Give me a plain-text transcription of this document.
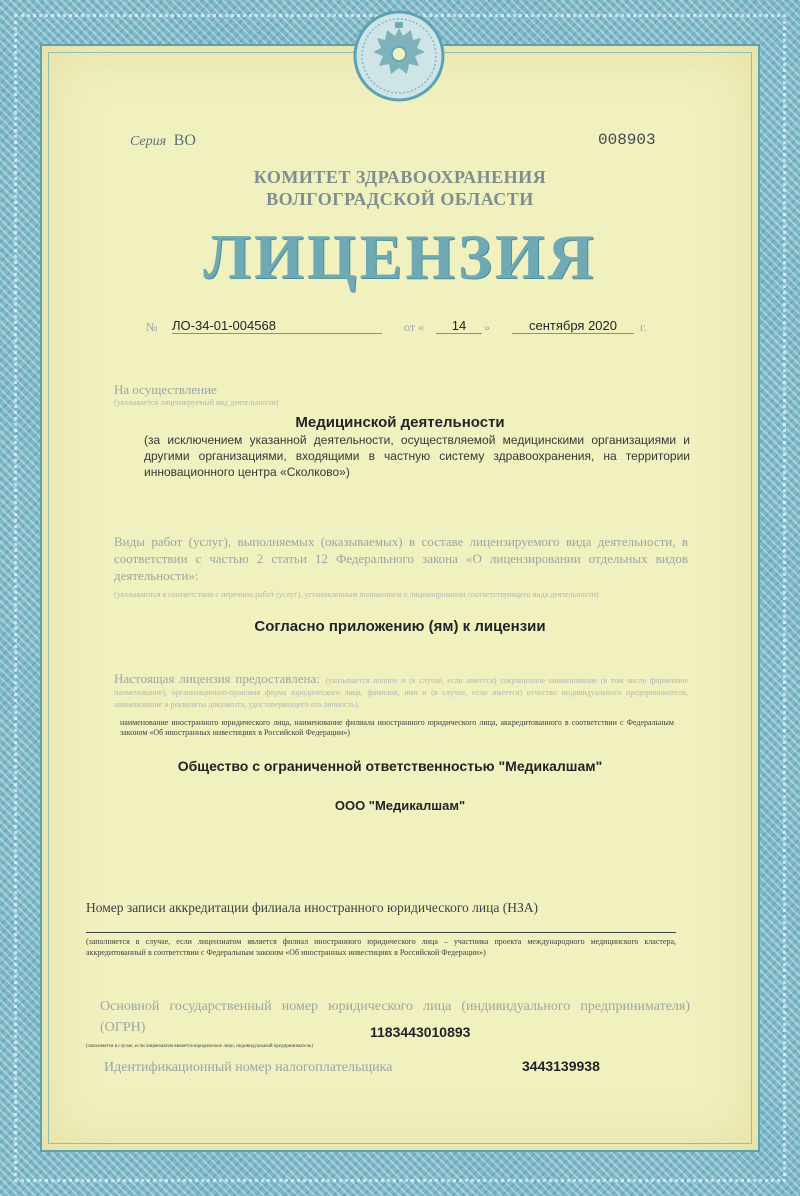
Серия ВО	008903
КОМИТЕТ ЗДРАВООХРАНЕНИЯ
ВОЛГОГРАДСКОЙ ОБЛАСТИ
ЛИЦЕНЗИЯ
№ ЛО-34-01-004568	от «	14	»	сентября 2020	г.
На осуществление
(указывается лицензируемый вид деятельности)
Медицинской деятельности
(за исключением указанной деятельности, осуществляемой медицинскими организациями и другими организациями, входящими в частную систему здравоохранения, на территории инновационного центра «Сколково»)
Виды работ (услуг), выполняемых (оказываемых) в составе лицензируемого вида деятельности, в соответствии с частью 2 статьи 12 Федерального закона «О лицензировании отдельных видов деятельности»:
(указываются в соответствии с перечнем работ (услуг), установленным положением о лицензировании соответствующего вида деятельности)
Согласно приложению (ям) к лицензии
Настоящая лицензия предоставлена: (указывается полное и (в случае, если имеется) сокращенное наименование (в том числе фирменное наименование), организационно-правовая форма юридического лица, фамилия, имя и (в случае, если имеется) отчество индивидуального предпринимателя, наименование и реквизиты документа, удостоверяющего его личность),
наименование иностранного юридического лица, наименование филиала иностранного юридического лица, аккредитованного в соответствии с Федеральным законом «Об иностранных инвестициях в Российской Федерации»)
Общество с ограниченной ответственностью "Медикалшам"
ООО "Медикалшам"
Номер записи аккредитации филиала иностранного юридического лица (НЗА)
(заполняется в случае, если лицензиатом является филиал иностранного юридического лица – участника проекта международного медицинского кластера, аккредитованный в соответствии с Федеральным законом «Об иностранных инвестициях в Российской Федерации»)
Основной государственный номер юридического лица (индивидуального предпринимателя) (ОГРН)	1183443010893
(заполняется в случае, если лицензиатом является юридическое лицо, индивидуальный предприниматель)
Идентификационный номер налогоплательщика	3443139938
